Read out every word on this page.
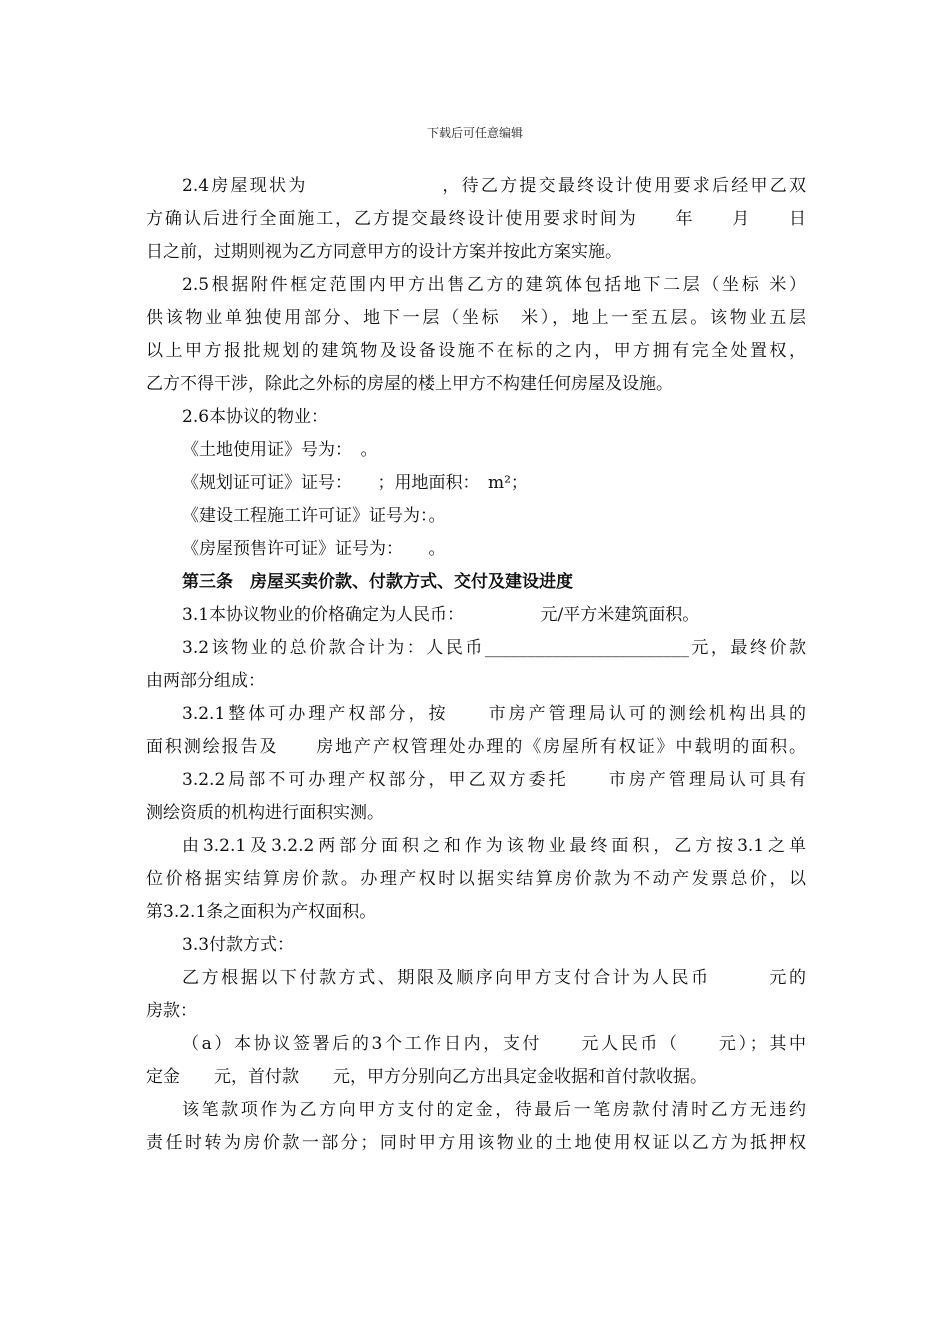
下载后可任意编辑
2.4房屋现状为　　　　　　　，待乙方提交最终设计使用要求后经甲乙双
方确认后进行全面施工，乙方提交最终设计使用要求时间为　　年　　月　　日
日之前，过期则视为乙方同意甲方的设计方案并按此方案实施。
2.5根据附件框定范围内甲方出售乙方的建筑体包括地下二层（坐标 米）
供该物业单独使用部分、地下一层（坐标　米），地上一至五层。该物业五层
以上甲方报批规划的建筑物及设备设施不在标的之内，甲方拥有完全处置权，
乙方不得干涉，除此之外标的房屋的楼上甲方不构建任何房屋及设施。
2.6本协议的物业：
《土地使用证》号为：　。
《规划证可证》证号：　　；用地面积：　m²；
《建设工程施工许可证》证号为：。
《房屋预售许可证》证号为：　　。
第三条　房屋买卖价款、付款方式、交付及建设进度
3.1本协议物业的价格确定为人民币：　　　　　元/平方米建筑面积。
3.2该物业的总价款合计为：人民币________________________元，最终价款
由两部分组成：
3.2.1整体可办理产权部分，按　　市房产管理局认可的测绘机构出具的
面积测绘报告及　　房地产产权管理处办理的《房屋所有权证》中载明的面积。
3.2.2局部不可办理产权部分，甲乙双方委托　　市房产管理局认可具有
测绘资质的机构进行面积实测。
由3.2.1及3.2.2两部分面积之和作为该物业最终面积，乙方按3.1之单
位价格据实结算房价款。办理产权时以据实结算房价款为不动产发票总价，以
第3.2.1条之面积为产权面积。
3.3付款方式：
乙方根据以下付款方式、期限及顺序向甲方支付合计为人民币　　　元的
房款：
（a）本协议签署后的3个工作日内，支付　　元人民币（　　元）；其中
定金　　元，首付款　　元，甲方分别向乙方出具定金收据和首付款收据。
该笔款项作为乙方向甲方支付的定金，待最后一笔房款付清时乙方无违约
责任时转为房价款一部分；同时甲方用该物业的土地使用权证以乙方为抵押权
